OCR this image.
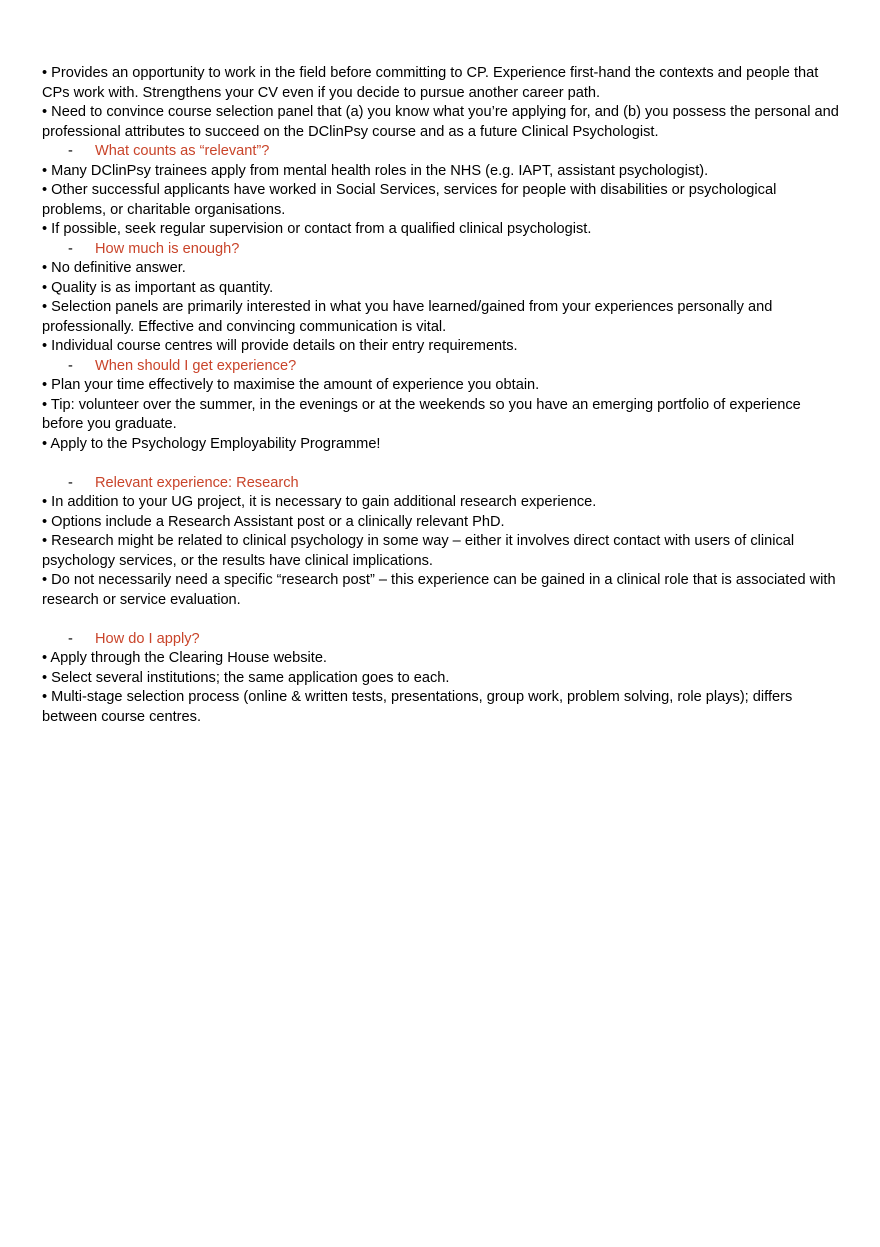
• Provides an opportunity to work in the field before committing to CP. Experience first-hand the contexts and people that CPs work with. Strengthens your CV even if you decide to pursue another career path.

• Need to convince course selection panel that (a) you know what you’re applying for, and (b) you possess the personal and professional attributes to succeed on the DClinPsy course and as a future Clinical Psychologist.

- What counts as “relevant”?

• Many DClinPsy trainees apply from mental health roles in the NHS (e.g. IAPT, assistant psychologist).

• Other successful applicants have worked in Social Services, services for people with disabilities or psychological problems, or charitable organisations.

• If possible, seek regular supervision or contact from a qualified clinical psychologist.

- How much is enough?

• No definitive answer.

• Quality is as important as quantity.

• Selection panels are primarily interested in what you have learned/gained from your experiences personally and professionally. Effective and convincing communication is vital.

• Individual course centres will provide details on their entry requirements.

- When should I get experience?

• Plan your time effectively to maximise the amount of experience you obtain.

• Tip: volunteer over the summer, in the evenings or at the weekends so you have an emerging portfolio of experience before you graduate.

• Apply to the Psychology Employability Programme!

- Relevant experience: Research

• In addition to your UG project, it is necessary to gain additional research experience.

• Options include a Research Assistant post or a clinically relevant PhD.

• Research might be related to clinical psychology in some way – either it involves direct contact with users of clinical psychology services, or the results have clinical implications.

• Do not necessarily need a specific “research post” – this experience can be gained in a clinical role that is associated with research or service evaluation.

- How do I apply?

• Apply through the Clearing House website.

• Select several institutions; the same application goes to each.

• Multi-stage selection process (online & written tests, presentations, group work, problem solving, role plays); differs between course centres.
